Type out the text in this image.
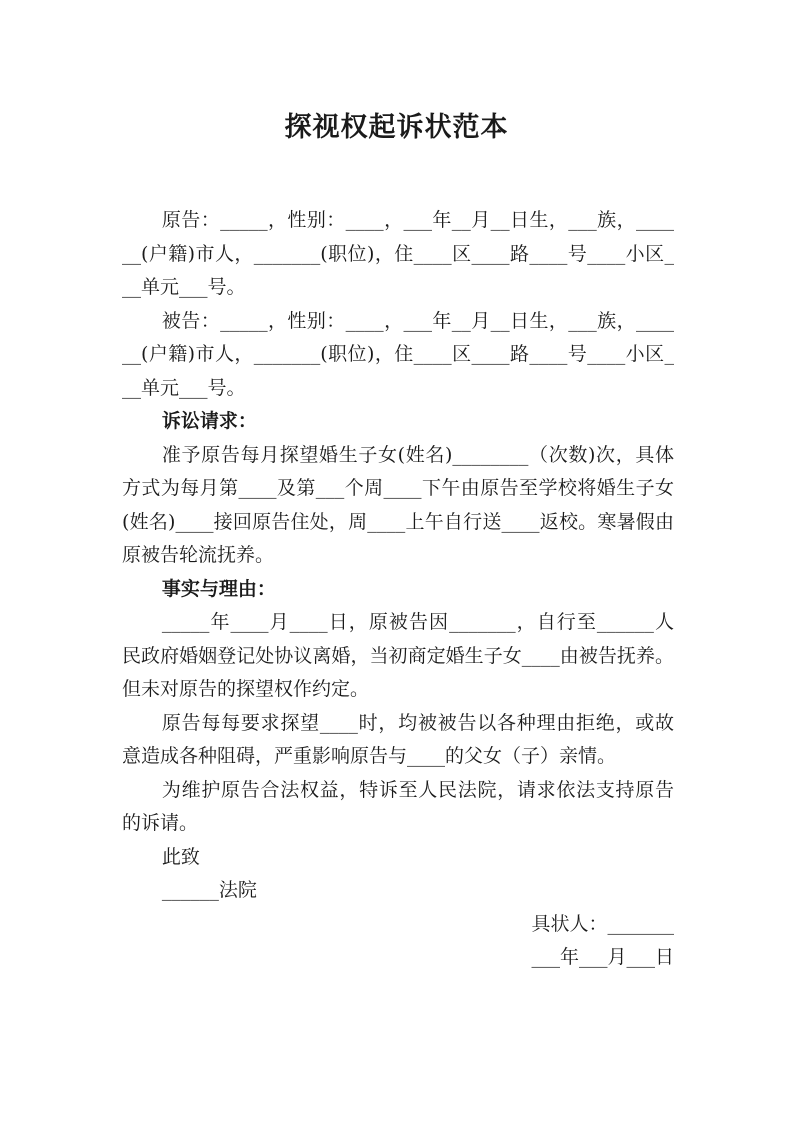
探视权起诉状范本

原告：_____，性别：____，___年__月__日生，___族，______(户籍)市人，_______(职位)，住____区____路____号____小区___单元___号。

被告：_____，性别：____，___年__月__日生，___族，______(户籍)市人，_______(职位)，住____区____路____号____小区___单元___号。

诉讼请求：

准予原告每月探望婚生子女(姓名)________（次数)次，具体方式为每月第____及第___个周____下午由原告至学校将婚生子女(姓名)____接回原告住处，周____上午自行送____返校。寒暑假由原被告轮流抚养。

事实与理由：

_____年____月____日，原被告因_______，自行至______人民政府婚姻登记处协议离婚，当初商定婚生子女____由被告抚养。但未对原告的探望权作约定。

原告每每要求探望____时，均被被告以各种理由拒绝，或故意造成各种阻碍，严重影响原告与____的父女（子）亲情。

为维护原告合法权益，特诉至人民法院，请求依法支持原告的诉请。

此致

______法院

具状人：_______

___年___月___日
